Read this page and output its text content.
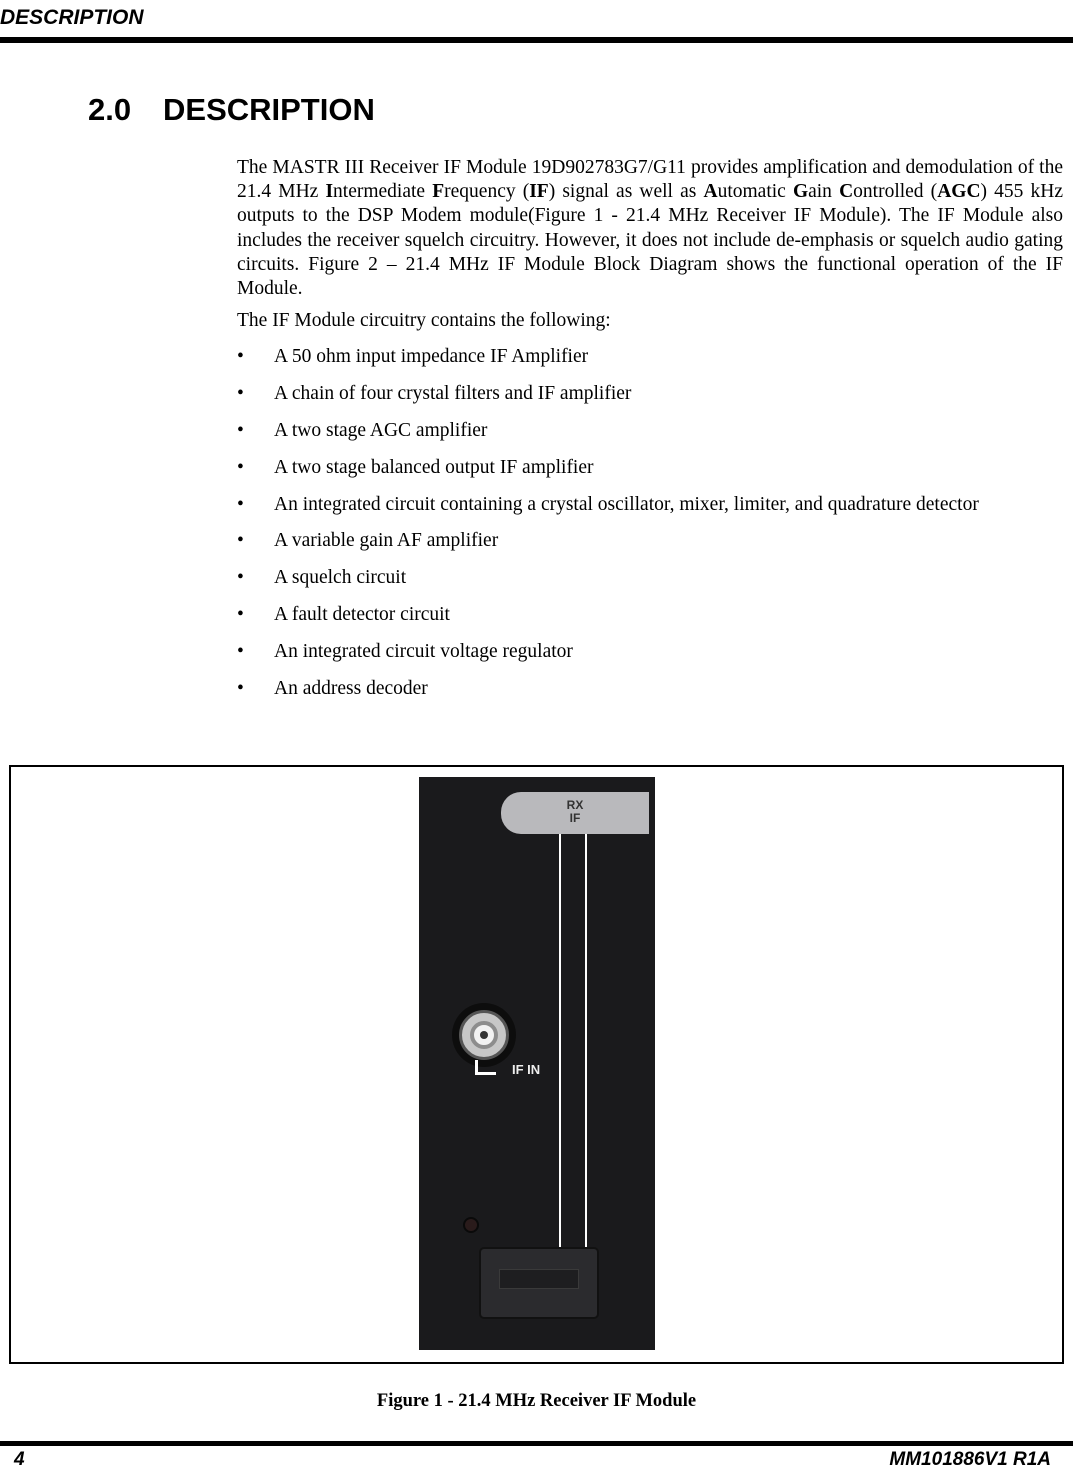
DESCRIPTION
2.0 DESCRIPTION

The MASTR III Receiver IF Module 19D902783G7/G11 provides amplification and demodulation of the 21.4 MHz Intermediate Frequency (IF) signal as well as Automatic Gain Controlled (AGC) 455 kHz outputs to the DSP Modem module(Figure 1 - 21.4 MHz Receiver IF Module). The IF Module also includes the receiver squelch circuitry. However, it does not include de-emphasis or squelch audio gating circuits. Figure 2 – 21.4 MHz IF Module Block Diagram shows the functional operation of the IF Module.

The IF Module circuitry contains the following:

• A 50 ohm input impedance IF Amplifier
• A chain of four crystal filters and IF amplifier
• A two stage AGC amplifier
• A two stage balanced output IF amplifier
• An integrated circuit containing a crystal oscillator, mixer, limiter, and quadrature detector
• A variable gain AF amplifier
• A squelch circuit
• A fault detector circuit
• An integrated circuit voltage regulator
• An address decoder
RX
IF
IF IN
Figure 1 - 21.4 MHz Receiver IF Module
4	MM101886V1 R1A
